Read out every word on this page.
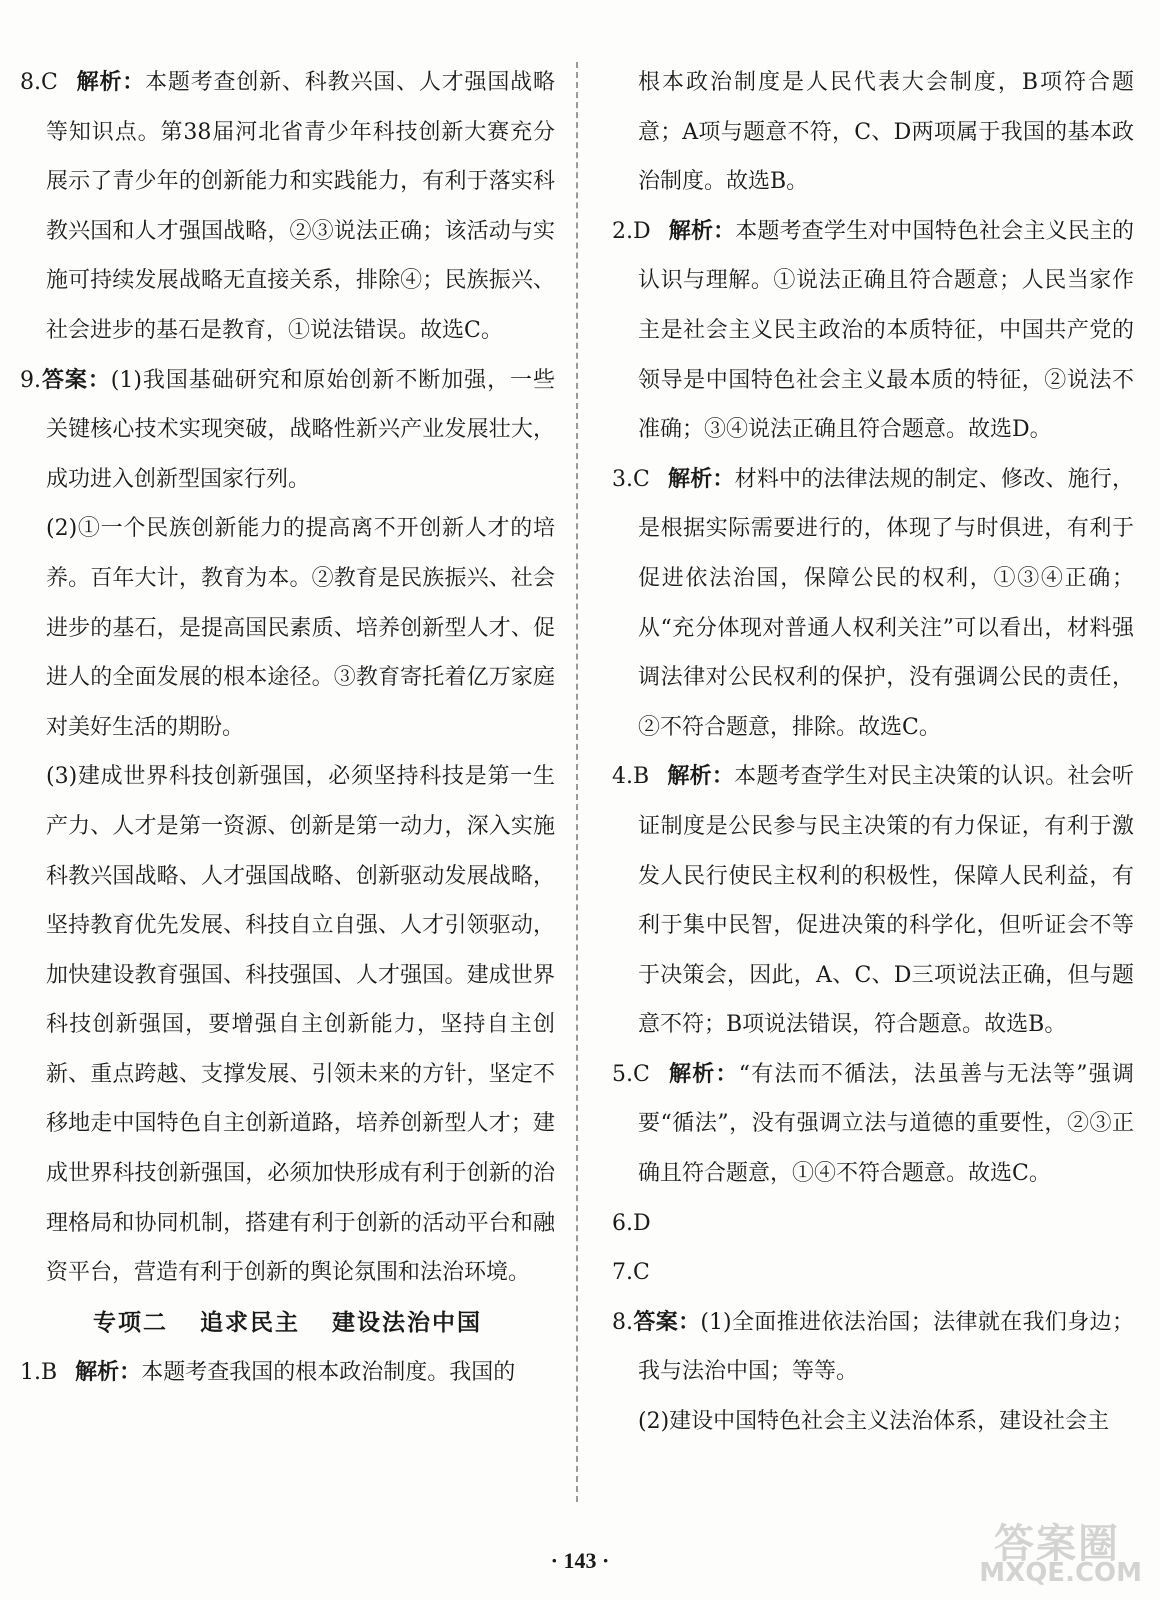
8.C 解析：本题考查创新、科教兴国、人才强国战略等知识点。第38届河北省青少年科技创新大赛充分展示了青少年的创新能力和实践能力，有利于落实科教兴国和人才强国战略，②③说法正确；该活动与实施可持续发展战略无直接关系，排除④；民族振兴、社会进步的基石是教育，①说法错误。故选C。

9.答案：(1)我国基础研究和原始创新不断加强，一些关键核心技术实现突破，战略性新兴产业发展壮大，成功进入创新型国家行列。

(2)①一个民族创新能力的提高离不开创新人才的培养。百年大计，教育为本。②教育是民族振兴、社会进步的基石，是提高国民素质、培养创新型人才、促进人的全面发展的根本途径。③教育寄托着亿万家庭对美好生活的期盼。

(3)建成世界科技创新强国，必须坚持科技是第一生产力、人才是第一资源、创新是第一动力，深入实施科教兴国战略、人才强国战略、创新驱动发展战略，坚持教育优先发展、科技自立自强、人才引领驱动，加快建设教育强国、科技强国、人才强国。建成世界科技创新强国，要增强自主创新能力，坚持自主创新、重点跨越、支撑发展、引领未来的方针，坚定不移地走中国特色自主创新道路，培养创新型人才；建成世界科技创新强国，必须加快形成有利于创新的治理格局和协同机制，搭建有利于创新的活动平台和融资平台，营造有利于创新的舆论氛围和法治环境。

专项二 追求民主 建设法治中国

1.B 解析：本题考查我国的根本政治制度。我国的

根本政治制度是人民代表大会制度，B项符合题意；A项与题意不符，C、D两项属于我国的基本政治制度。故选B。

2.D 解析：本题考查学生对中国特色社会主义民主的认识与理解。①说法正确且符合题意；人民当家作主是社会主义民主政治的本质特征，中国共产党的领导是中国特色社会主义最本质的特征，②说法不准确；③④说法正确且符合题意。故选D。

3.C 解析：材料中的法律法规的制定、修改、施行，是根据实际需要进行的，体现了与时俱进，有利于促进依法治国，保障公民的权利，①③④正确；从“充分体现对普通人权利关注”可以看出，材料强调法律对公民权利的保护，没有强调公民的责任，②不符合题意，排除。故选C。

4.B 解析：本题考查学生对民主决策的认识。社会听证制度是公民参与民主决策的有力保证，有利于激发人民行使民主权利的积极性，保障人民利益，有利于集中民智，促进决策的科学化，但听证会不等于决策会，因此，A、C、D三项说法正确，但与题意不符；B项说法错误，符合题意。故选B。

5.C 解析：“有法而不循法，法虽善与无法等”强调要“循法”，没有强调立法与道德的重要性，②③正确且符合题意，①④不符合题意。故选C。

6.D

7.C

8.答案：(1)全面推进依法治国；法律就在我们身边；我与法治中国；等等。

(2)建设中国特色社会主义法治体系，建设社会主

· 143 ·	答案圈
MXQE.COM
